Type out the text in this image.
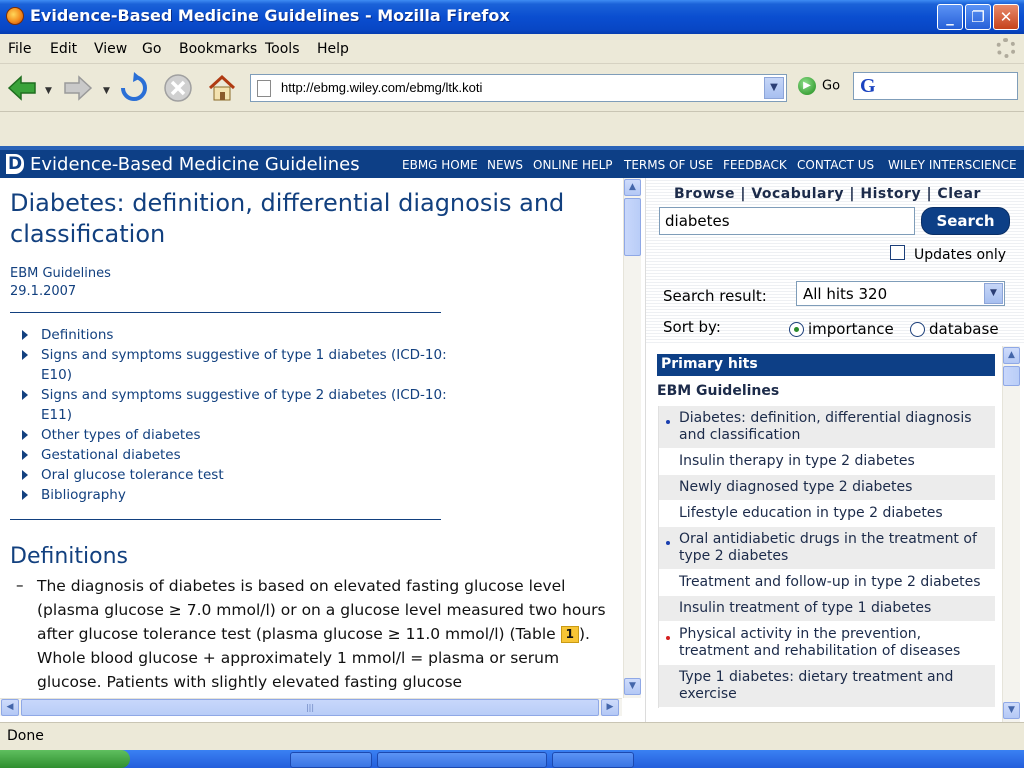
Evidence-Based Medicine Guidelines - Mozilla Firefox	_	❐ ✕
File Edit View Go Bookmarks Tools Help
▼	▼	http://ebmg.wiley.com/ebmg/ltk.koti	▼	▶ Go G
D Evidence-Based Medicine Guidelines	EBMG HOME NEWS ONLINE HELP TERMS OF USE FEEDBACK CONTACT US WILEY INTERSCIENCE
Diabetes: definition, differential diagnosis and classification
EBM Guidelines
29.1.2007
Definitions
Signs and symptoms suggestive of type 1 diabetes (ICD-10: E10)
Signs and symptoms suggestive of type 2 diabetes (ICD-10: E11)
Other types of diabetes
Gestational diabetes
Oral glucose tolerance test
Bibliography
Definitions
– The diagnosis of diabetes is based on elevated fasting glucose level (plasma glucose ≥ 7.0 mmol/l) or on a glucose level measured two hours after glucose tolerance test (plasma glucose ≥ 11.0 mmol/l) (Table 1 ). Whole blood glucose + approximately 1 mmol/l = plasma or serum glucose. Patients with slightly elevated fasting glucose
▲
▼
◀	|||	▶
Browse | Vocabulary | History | Clear
diabetes	Search
Updates only
Search result:	All hits 320	▼
Sort by:	importance database
Primary hits
EBM Guidelines
Diabetes: definition, differential diagnosis and classification
Insulin therapy in type 2 diabetes
Newly diagnosed type 2 diabetes
Lifestyle education in type 2 diabetes
Oral antidiabetic drugs in the treatment of type 2 diabetes
Treatment and follow-up in type 2 diabetes
Insulin treatment of type 1 diabetes
Physical activity in the prevention, treatment and rehabilitation of diseases
Type 1 diabetes: dietary treatment and exercise
▲
▼
Done
